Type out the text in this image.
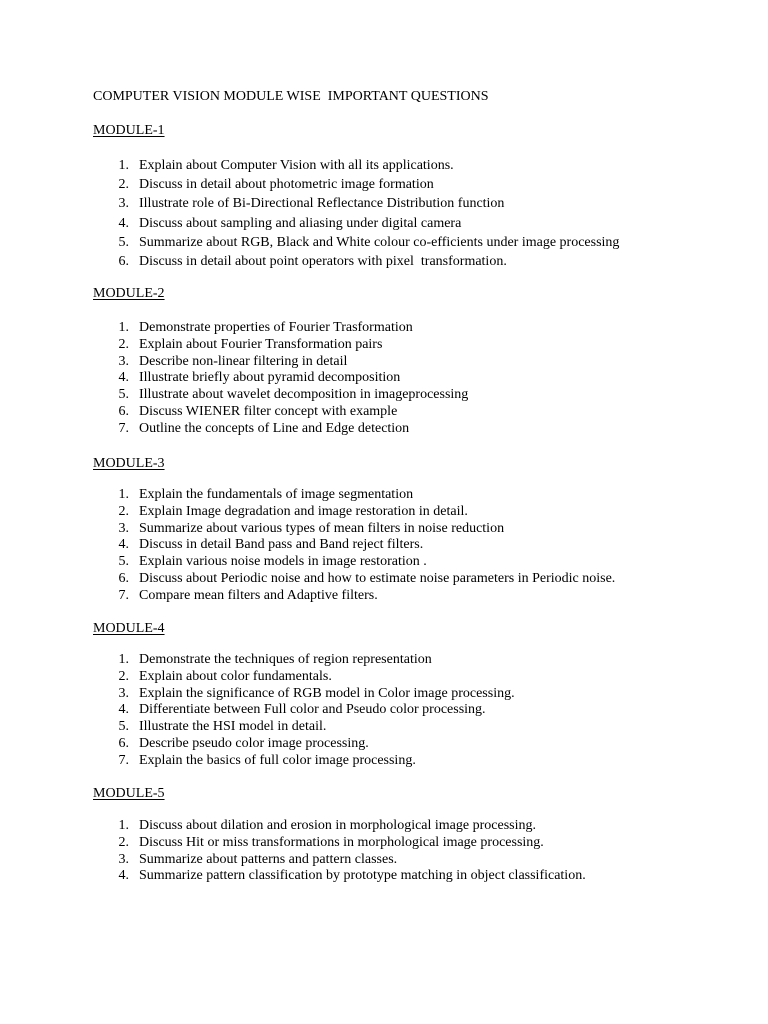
COMPUTER VISION MODULE WISE  IMPORTANT QUESTIONS
MODULE-1
1. Explain about Computer Vision with all its applications.
2. Discuss in detail about photometric image formation
3. Illustrate role of Bi-Directional Reflectance Distribution function
4. Discuss about sampling and aliasing under digital camera
5. Summarize about RGB, Black and White colour co-efficients under image processing
6. Discuss in detail about point operators with pixel  transformation.
MODULE-2
1. Demonstrate properties of Fourier Trasformation
2. Explain about Fourier Transformation pairs
3. Describe non-linear filtering in detail
4. Illustrate briefly about pyramid decomposition
5. Illustrate about wavelet decomposition in imageprocessing
6. Discuss WIENER filter concept with example
7. Outline the concepts of Line and Edge detection
MODULE-3
1. Explain the fundamentals of image segmentation
2. Explain Image degradation and image restoration in detail.
3. Summarize about various types of mean filters in noise reduction
4. Discuss in detail Band pass and Band reject filters.
5. Explain various noise models in image restoration .
6. Discuss about Periodic noise and how to estimate noise parameters in Periodic noise.
7. Compare mean filters and Adaptive filters.
MODULE-4
1. Demonstrate the techniques of region representation
2. Explain about color fundamentals.
3. Explain the significance of RGB model in Color image processing.
4. Differentiate between Full color and Pseudo color processing.
5. Illustrate the HSI model in detail.
6. Describe pseudo color image processing.
7. Explain the basics of full color image processing.
MODULE-5
1. Discuss about dilation and erosion in morphological image processing.
2. Discuss Hit or miss transformations in morphological image processing.
3. Summarize about patterns and pattern classes.
4. Summarize pattern classification by prototype matching in object classification.
